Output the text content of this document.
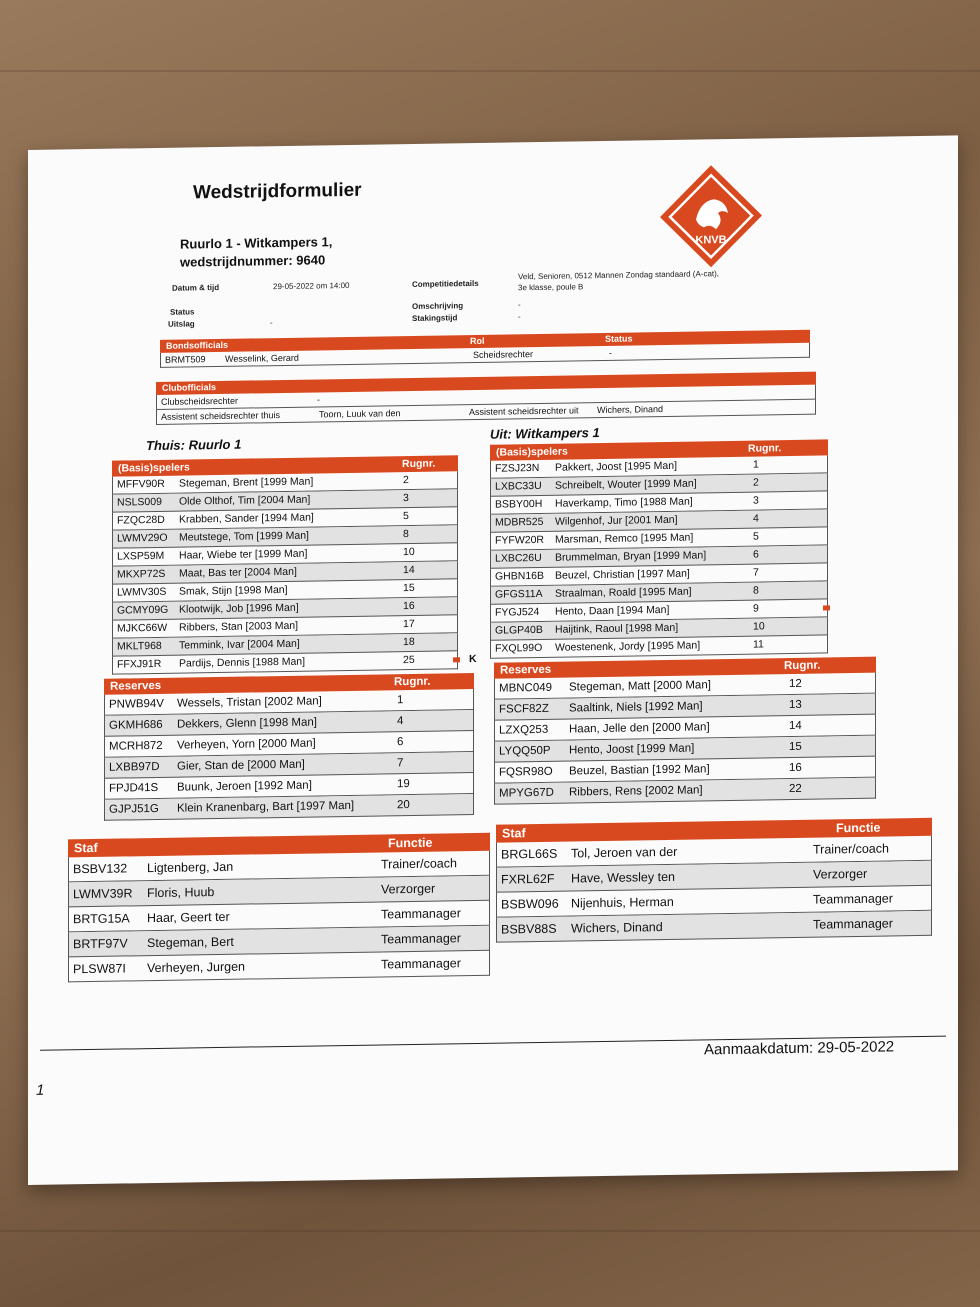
Wedstrijdformulier
Ruurlo 1 - Witkampers 1,
wedstrijdnummer: 9640
KNVB
Datum & tijd	29-05-2022 om 14:00
Status
Uitslag	-
Competitiedetails
Veld, Senioren, 0512 Mannen Zondag standaard (A-cat),
3e klasse, poule B
Omschrijving	-
Stakingstijd	-
Bondsofficials	Rol	Status
BRMT509 Wesselink, Gerard	Scheidsrechter	-
Clubofficials
Clubscheidsrechter	-
Assistent scheidsrechter thuis	Toorn, Luuk van den	Assistent scheidsrechter uit Wichers, Dinand
Thuis: Ruurlo 1
Uit: Witkampers 1
(Basis)spelers	Rugnr.
MFFV90R Stegeman, Brent [1999 Man]	2
NSLS009 Olde Olthof, Tim [2004 Man]	3
FZQC28D Krabben, Sander [1994 Man]	5
LWMV29O Meutstege, Tom [1999 Man]	8
LXSP59M Haar, Wiebe ter [1999 Man]	10
MKXP72S Maat, Bas ter [2004 Man]	14
LWMV30S Smak, Stijn [1998 Man]	15
GCMY09G Klootwijk, Job [1996 Man]	16
MJKC66W Ribbers, Stan [2003 Man]	17
MKLT968 Temmink, Ivar [2004 Man]	18
FFXJ91R Pardijs, Dennis [1988 Man]	25	K
(Basis)spelers	Rugnr.
FZSJ23N Pakkert, Joost [1995 Man]	1
LXBC33U Schreibelt, Wouter [1999 Man]	2
BSBY00H Haverkamp, Timo [1988 Man]	3
MDBR525 Wilgenhof, Jur [2001 Man]	4
FYFW20R Marsman, Remco [1995 Man]	5
LXBC26U Brummelman, Bryan [1999 Man]	6
GHBN16B Beuzel, Christian [1997 Man]	7
GFGS11A Straalman, Roald [1995 Man]	8
FYGJ524 Hento, Daan [1994 Man]	9
GLGP40B Haijtink, Raoul [1998 Man]	10
FXQL99O Woestenenk, Jordy [1995 Man]	11
Reserves	Rugnr.
PNWB94V Wessels, Tristan [2002 Man]	1
GKMH686 Dekkers, Glenn [1998 Man]	4
MCRH872 Verheyen, Yorn [2000 Man]	6
LXBB97D Gier, Stan de [2000 Man]	7
FPJD41S Buunk, Jeroen [1992 Man]	19
GJPJ51G Klein Kranenbarg, Bart [1997 Man]	20
Reserves	Rugnr.
MBNC049 Stegeman, Matt [2000 Man]	12
FSCF82Z Saaltink, Niels [1992 Man]	13
LZXQ253 Haan, Jelle den [2000 Man]	14
LYQQ50P Hento, Joost [1999 Man]	15
FQSR98O Beuzel, Bastian [1992 Man]	16
MPYG67D Ribbers, Rens [2002 Man]	22
Staf	Functie
BSBV132 Ligtenberg, Jan	Trainer/coach
LWMV39R Floris, Huub	Verzorger
BRTG15A Haar, Geert ter	Teammanager
BRTF97V Stegeman, Bert	Teammanager
PLSW87I Verheyen, Jurgen	Teammanager
Staf	Functie
BRGL66S Tol, Jeroen van der	Trainer/coach
FXRL62F Have, Wessley ten	Verzorger
BSBW096 Nijenhuis, Herman	Teammanager
BSBV88S Wichers, Dinand	Teammanager
1
Aanmaakdatum: 29-05-2022
